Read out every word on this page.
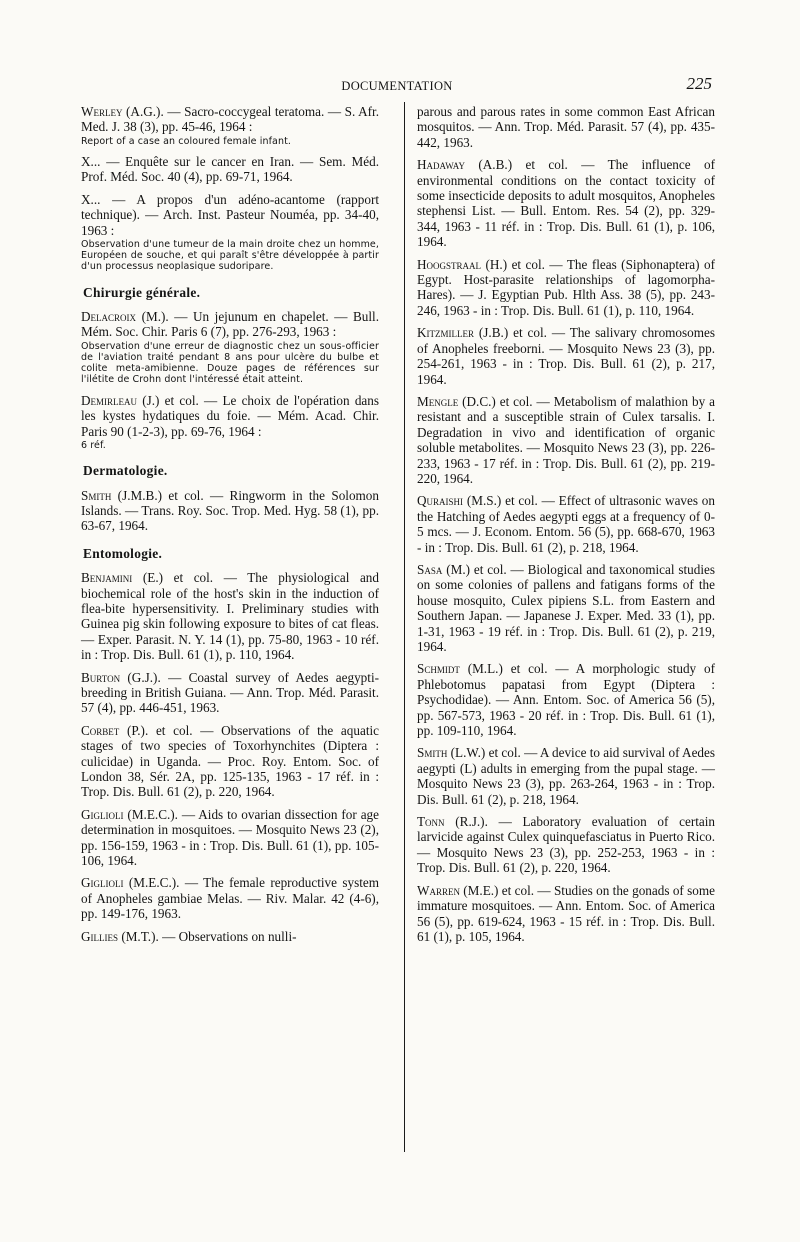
DOCUMENTATION	225
Werley (A.G.). — Sacro-coccygeal teratoma. — S. Afr. Med. J. 38 (3), pp. 45-46, 1964 :
Report of a case an coloured female infant.
X... — Enquête sur le cancer en Iran. — Sem. Méd. Prof. Méd. Soc. 40 (4), pp. 69-71, 1964.
X... — A propos d'un adéno-acantome (rapport technique). — Arch. Inst. Pasteur Nouméa, pp. 34-40, 1963 :
Observation d'une tumeur de la main droite chez un homme, Européen de souche, et qui paraît s'être développée à partir d'un processus neoplasique sudoripare.
Chirurgie générale.
Delacroix (M.). — Un jejunum en chapelet. — Bull. Mém. Soc. Chir. Paris 6 (7), pp. 276-293, 1963 :
Observation d'une erreur de diagnostic chez un sous-officier de l'aviation traité pendant 8 ans pour ulcère du bulbe et colite meta-amibienne. Douze pages de références sur l'ilétite de Crohn dont l'intéressé était atteint.
Demirleau (J.) et col. — Le choix de l'opération dans les kystes hydatiques du foie. — Mém. Acad. Chir. Paris 90 (1-2-3), pp. 69-76, 1964 :
6 réf.
Dermatologie.
Smith (J.M.B.) et col. — Ringworm in the Solomon Islands. — Trans. Roy. Soc. Trop. Med. Hyg. 58 (1), pp. 63-67, 1964.
Entomologie.
Benjamini (E.) et col. — The physiological and biochemical role of the host's skin in the induction of flea-bite hypersensitivity. I. Preliminary studies with Guinea pig skin following exposure to bites of cat fleas. — Exper. Parasit. N. Y. 14 (1), pp. 75-80, 1963 - 10 réf. in : Trop. Dis. Bull. 61 (1), p. 110, 1964.
Burton (G.J.). — Coastal survey of Aedes aegypti-breeding in British Guiana. — Ann. Trop. Méd. Parasit. 57 (4), pp. 446-451, 1963.
Corbet (P.). et col. — Observations of the aquatic stages of two species of Toxorhynchites (Diptera : culicidae) in Uganda. — Proc. Roy. Entom. Soc. of London 38, Sér. 2A, pp. 125-135, 1963 - 17 réf. in : Trop. Dis. Bull. 61 (2), p. 220, 1964.
Giglioli (M.E.C.). — Aids to ovarian dissection for age determination in mosquitoes. — Mosquito News 23 (2), pp. 156-159, 1963 - in : Trop. Dis. Bull. 61 (1), pp. 105-106, 1964.
Giglioli (M.E.C.). — The female reproductive system of Anopheles gambiae Melas. — Riv. Malar. 42 (4-6), pp. 149-176, 1963.
Gillies (M.T.). — Observations on nulli-
parous and parous rates in some common East African mosquitos. — Ann. Trop. Méd. Parasit. 57 (4), pp. 435-442, 1963.
Hadaway (A.B.) et col. — The influence of environmental conditions on the contact toxicity of some insecticide deposits to adult mosquitos, Anopheles stephensi List. — Bull. Entom. Res. 54 (2), pp. 329-344, 1963 - 11 réf. in : Trop. Dis. Bull. 61 (1), p. 106, 1964.
Hoogstraal (H.) et col. — The fleas (Siphonaptera) of Egypt. Host-parasite relationships of lagomorpha-Hares). — J. Egyptian Pub. Hlth Ass. 38 (5), pp. 243-246, 1963 - in : Trop. Dis. Bull. 61 (1), p. 110, 1964.
Kitzmiller (J.B.) et col. — The salivary chromosomes of Anopheles freeborni. — Mosquito News 23 (3), pp. 254-261, 1963 - in : Trop. Dis. Bull. 61 (2), p. 217, 1964.
Mengle (D.C.) et col. — Metabolism of malathion by a resistant and a susceptible strain of Culex tarsalis. I. Degradation in vivo and identification of organic soluble metabolites. — Mosquito News 23 (3), pp. 226-233, 1963 - 17 réf. in : Trop. Dis. Bull. 61 (2), pp. 219-220, 1964.
Quraishi (M.S.) et col. — Effect of ultrasonic waves on the Hatching of Aedes aegypti eggs at a frequency of 0-5 mcs. — J. Econom. Entom. 56 (5), pp. 668-670, 1963 - in : Trop. Dis. Bull. 61 (2), p. 218, 1964.
Sasa (M.) et col. — Biological and taxonomical studies on some colonies of pallens and fatigans forms of the house mosquito, Culex pipiens S.L. from Eastern and Southern Japan. — Japanese J. Exper. Med. 33 (1), pp. 1-31, 1963 - 19 réf. in : Trop. Dis. Bull. 61 (2), p. 219, 1964.
Schmidt (M.L.) et col. — A morphologic study of Phlebotomus papatasi from Egypt (Diptera : Psychodidae). — Ann. Entom. Soc. of America 56 (5), pp. 567-573, 1963 - 20 réf. in : Trop. Dis. Bull. 61 (1), pp. 109-110, 1964.
Smith (L.W.) et col. — A device to aid survival of Aedes aegypti (L) adults in emerging from the pupal stage. — Mosquito News 23 (3), pp. 263-264, 1963 - in : Trop. Dis. Bull. 61 (2), p. 218, 1964.
Tonn (R.J.). — Laboratory evaluation of certain larvicide against Culex quinquefasciatus in Puerto Rico. — Mosquito News 23 (3), pp. 252-253, 1963 - in : Trop. Dis. Bull. 61 (2), p. 220, 1964.
Warren (M.E.) et col. — Studies on the gonads of some immature mosquitoes. — Ann. Entom. Soc. of America 56 (5), pp. 619-624, 1963 - 15 réf. in : Trop. Dis. Bull. 61 (1), p. 105, 1964.
